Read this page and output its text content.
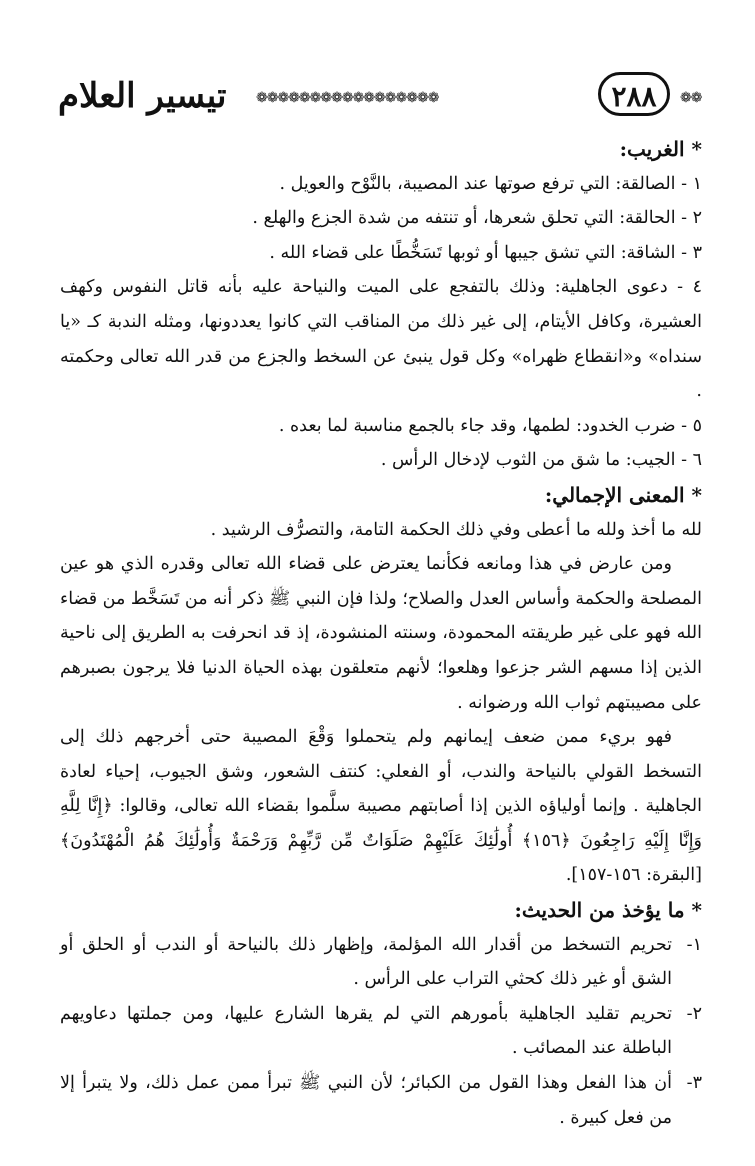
تيسير العلام ❁❁❁❁❁❁❁❁❁❁❁❁❁❁❁❁❁	٢٨٨	❁❁

* الغريب:

١ - الصالقة: التي ترفع صوتها عند المصيبة، بالنَّوْح والعويل .

٢ - الحالقة: التي تحلق شعرها، أو تنتفه من شدة الجزع والهلع .

٣ - الشاقة: التي تشق جيبها أو ثوبها تَسَخُّطًا على قضاء الله .

٤ - دعوى الجاهلية: وذلك بالتفجع على الميت والنياحة عليه بأنه قاتل النفوس وكهف العشيرة، وكافل الأيتام، إلى غير ذلك من المناقب التي كانوا يعددونها، ومثله الندبة كـ «يا سنداه» و«انقطاع ظهراه» وكل قول ينبئ عن السخط والجزع من قدر الله تعالى وحكمته .

٥ - ضرب الخدود: لطمها، وقد جاء بالجمع مناسبة لما بعده .

٦ - الجيب: ما شق من الثوب لإدخال الرأس .

* المعنى الإجمالي:

لله ما أخذ ولله ما أعطى وفي ذلك الحكمة التامة، والتصرُّف الرشيد .

ومن عارض في هذا ومانعه فكأنما يعترض على قضاء الله تعالى وقدره الذي هو عين المصلحة والحكمة وأساس العدل والصلاح؛ ولذا فإن النبي ﷺ ذكر أنه من تَسَخَّط من قضاء الله فهو على غير طريقته المحمودة، وسنته المنشودة، إذ قد انحرفت به الطريق إلى ناحية الذين إذا مسهم الشر جزعوا وهلعوا؛ لأنهم متعلقون بهذه الحياة الدنيا فلا يرجون بصبرهم على مصيبتهم ثواب الله ورضوانه .

فهو بريء ممن ضعف إيمانهم ولم يتحملوا وَقْعَ المصيبة حتى أخرجهم ذلك إلى التسخط القولي بالنياحة والندب، أو الفعلي: كنتف الشعور، وشق الجيوب، إحياء لعادة الجاهلية . وإنما أولياؤه الذين إذا أصابتهم مصيبة سلَّموا بقضاء الله تعالى، وقالوا: ﴿إِنَّا لِلَّهِ وَإِنَّا إِلَيْهِ رَاجِعُونَ ﴿١٥٦﴾ أُولَٰئِكَ عَلَيْهِمْ صَلَوَاتٌ مِّن رَّبِّهِمْ وَرَحْمَةٌ وَأُولَٰئِكَ هُمُ الْمُهْتَدُونَ﴾ [البقرة: ١٥٦-١٥٧].

* ما يؤخذ من الحديث:

١-
تحريم التسخط من أقدار الله المؤلمة، وإظهار ذلك بالنياحة أو الندب أو الحلق أو الشق أو غير ذلك كحثي التراب على الرأس .
٢-
تحريم تقليد الجاهلية بأمورهم التي لم يقرها الشارع عليها، ومن جملتها دعاويهم الباطلة عند المصائب .
٣-
أن هذا الفعل وهذا القول من الكبائر؛ لأن النبي ﷺ تبرأ ممن عمل ذلك، ولا يتبرأ إلا من فعل كبيرة .
